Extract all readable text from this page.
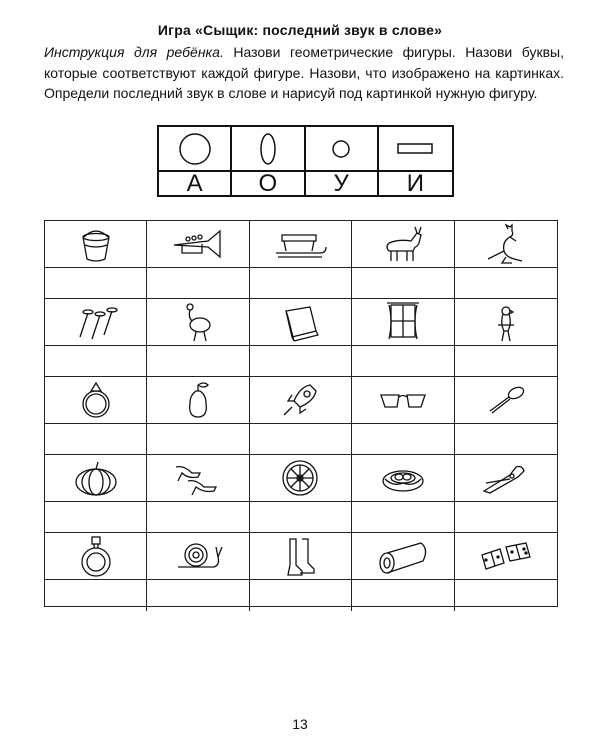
Игра «Сыщик: последний звук в слове»
Инструкция для ребёнка. Назови геометрические фигуры. Назови буквы, которые соответствуют каждой фигуре. Назови, что изображено на картинках. Определи последний звук в слове и нарисуй под картинкой нужную фигуру.
А О У И
13
